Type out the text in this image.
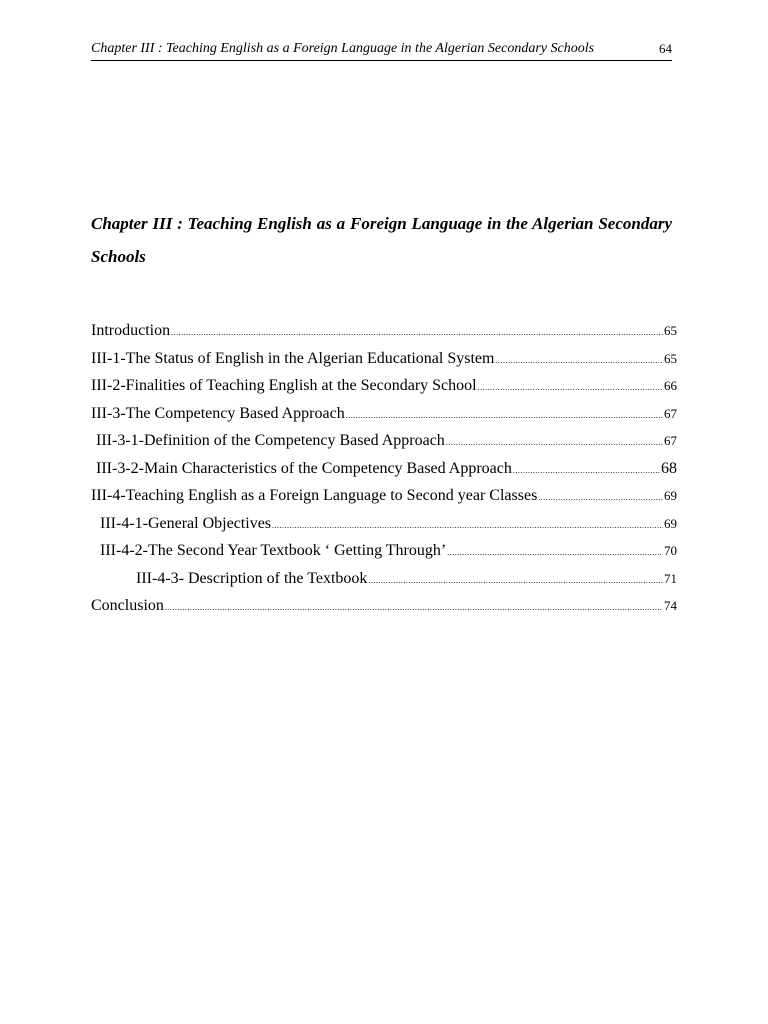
Chapter III : Teaching English as a Foreign Language in the Algerian Secondary Schools	64
Chapter III : Teaching English as a Foreign Language in the Algerian Secondary Schools
Introduction .....	65
III-1-The Status of English in the Algerian Educational System .....	65
III-2-Finalities of Teaching English at the Secondary School .....	66
III-3-The Competency Based Approach .....	67
III-3-1-Definition of the Competency Based Approach .....	67
III-3-2-Main Characteristics of the Competency Based Approach .....	68
III-4-Teaching English as a Foreign Language to Second year Classes .....	69
III-4-1-General Objectives .....	69
III-4-2-The Second Year Textbook ‘ Getting Through’ .....	70
III-4-3- Description of the Textbook .....	71
Conclusion .....	74
